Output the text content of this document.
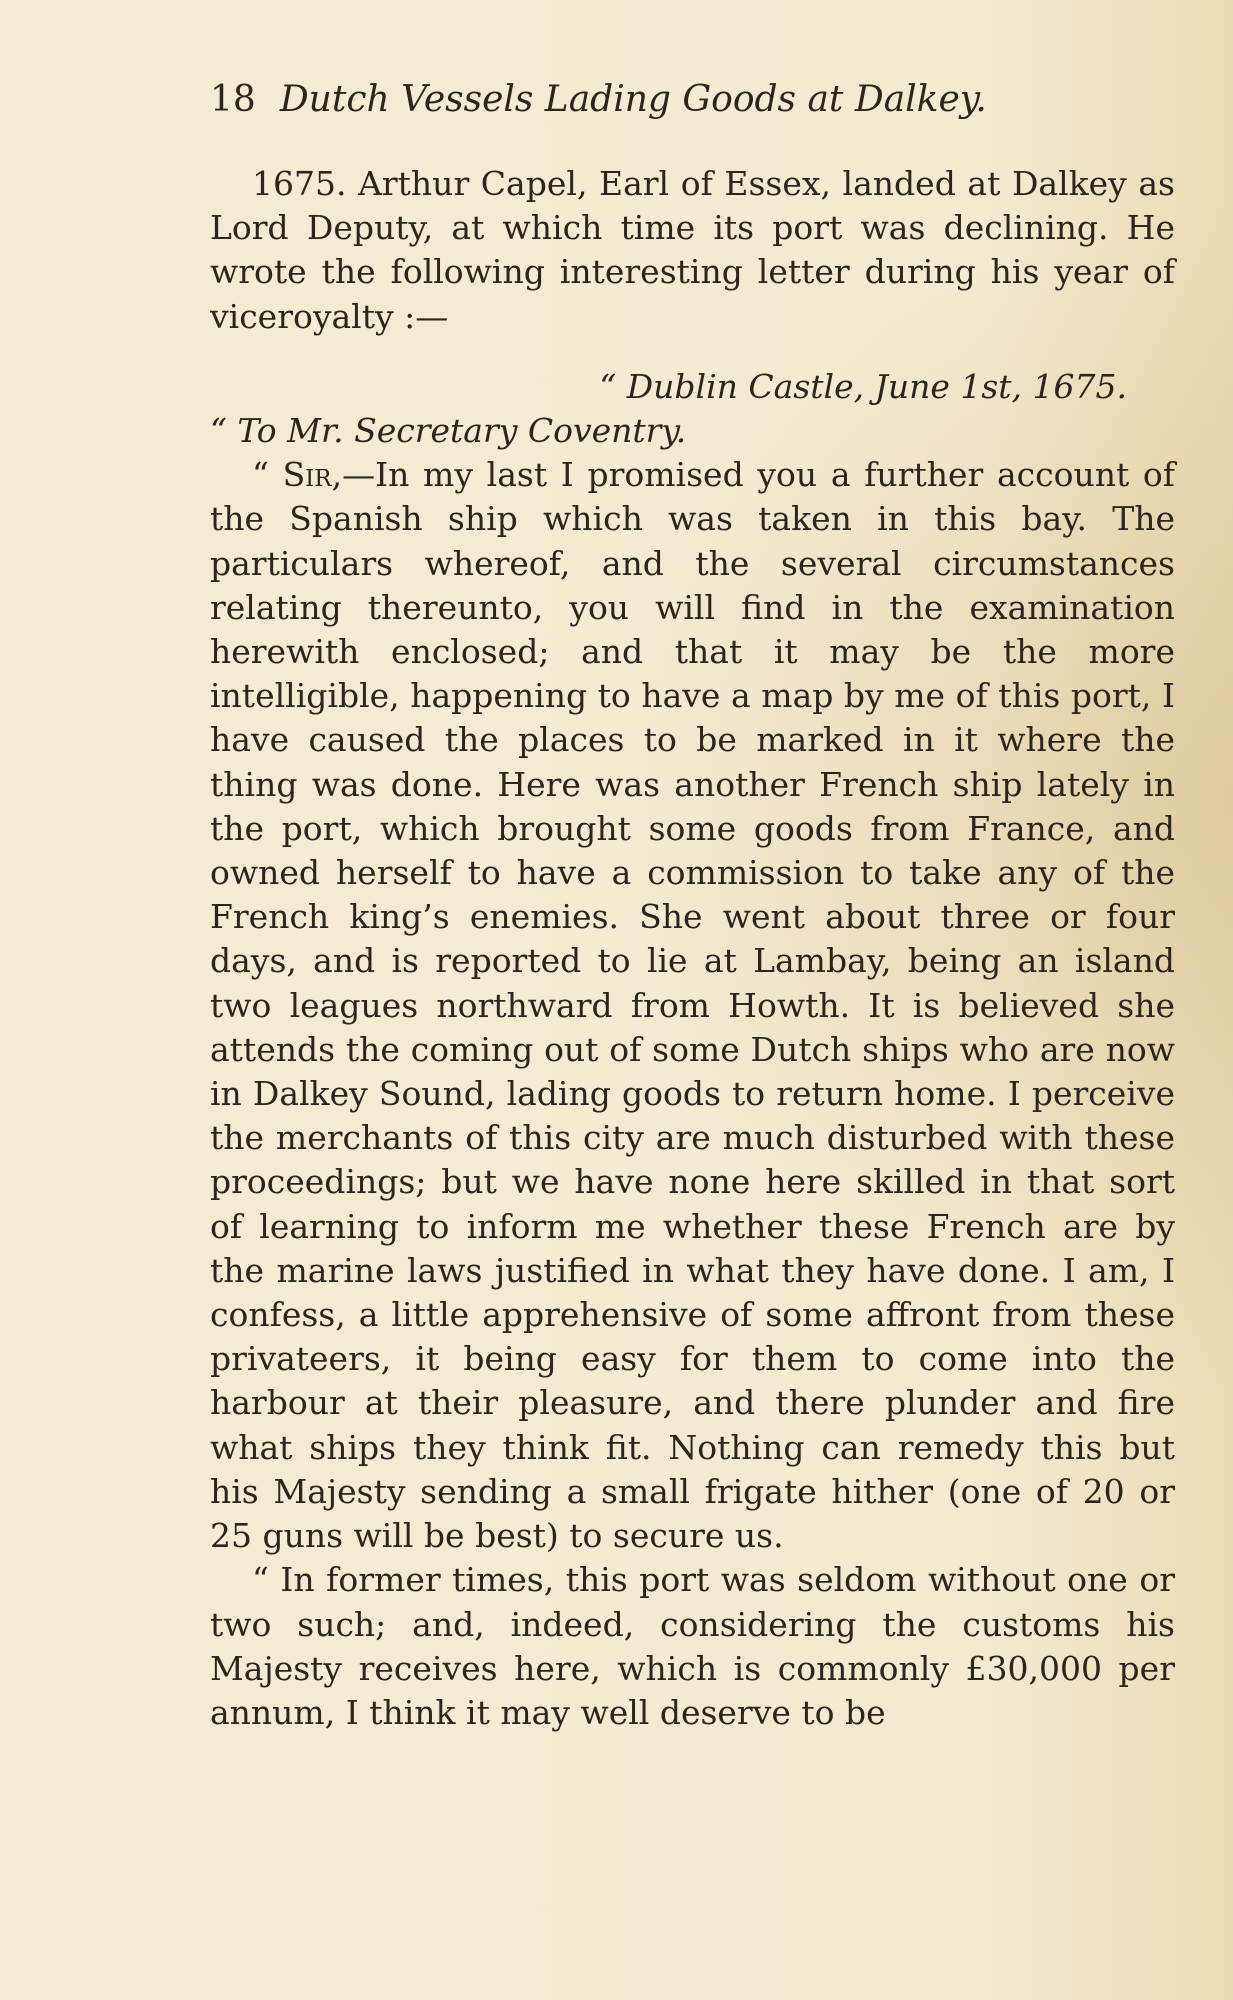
18 Dutch Vessels Lading Goods at Dalkey.

1675. Arthur Capel, Earl of Essex, landed at Dalkey as Lord Deputy, at which time its port was declining. He wrote the following interesting letter during his year of viceroyalty :—

“ Dublin Castle, June 1st, 1675.

“ To Mr. Secretary Coventry.

“ Sir,—In my last I promised you a further account of the Spanish ship which was taken in this bay. The particulars whereof, and the several circumstances relating thereunto, you will find in the examination herewith enclosed; and that it may be the more intelligible, happening to have a map by me of this port, I have caused the places to be marked in it where the thing was done. Here was another French ship lately in the port, which brought some goods from France, and owned herself to have a commission to take any of the French king’s enemies. She went about three or four days, and is reported to lie at Lambay, being an island two leagues northward from Howth. It is believed she attends the coming out of some Dutch ships who are now in Dalkey Sound, lading goods to return home. I perceive the merchants of this city are much disturbed with these proceedings; but we have none here skilled in that sort of learning to inform me whether these French are by the marine laws justified in what they have done. I am, I confess, a little apprehensive of some affront from these privateers, it being easy for them to come into the harbour at their pleasure, and there plunder and fire what ships they think fit. Nothing can remedy this but his Majesty sending a small frigate hither (one of 20 or 25 guns will be best) to secure us.

“ In former times, this port was seldom without one or two such; and, indeed, considering the customs his Majesty receives here, which is commonly £30,000 per annum, I think it may well deserve to be
